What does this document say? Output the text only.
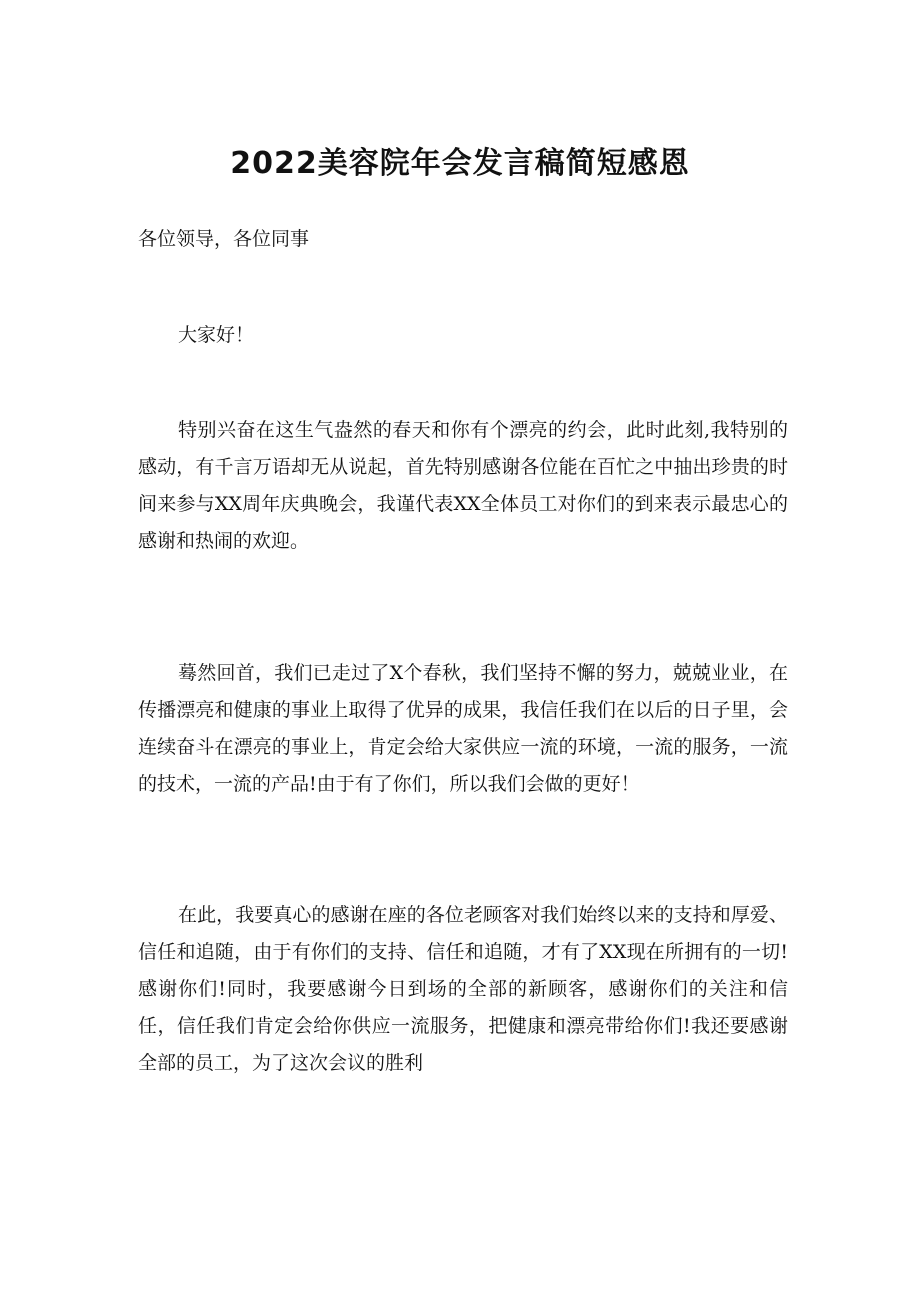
2022美容院年会发言稿简短感恩

各位领导，各位同事

大家好！

特别兴奋在这生气盎然的春天和你有个漂亮的约会，此时此刻,我特别的感动，有千言万语却无从说起，首先特别感谢各位能在百忙之中抽出珍贵的时间来参与XX周年庆典晚会，我谨代表XX全体员工对你们的到来表示最忠心的感谢和热闹的欢迎。

蓦然回首，我们已走过了X个春秋，我们坚持不懈的努力，兢兢业业，在传播漂亮和健康的事业上取得了优异的成果，我信任我们在以后的日子里，会连续奋斗在漂亮的事业上，肯定会给大家供应一流的环境，一流的服务，一流的技术，一流的产品!由于有了你们，所以我们会做的更好！

在此，我要真心的感谢在座的各位老顾客对我们始终以来的支持和厚爱、信任和追随，由于有你们的支持、信任和追随，才有了XX现在所拥有的一切!感谢你们!同时，我要感谢今日到场的全部的新顾客，感谢你们的关注和信任，信任我们肯定会给你供应一流服务，把健康和漂亮带给你们!我还要感谢全部的员工，为了这次会议的胜利
